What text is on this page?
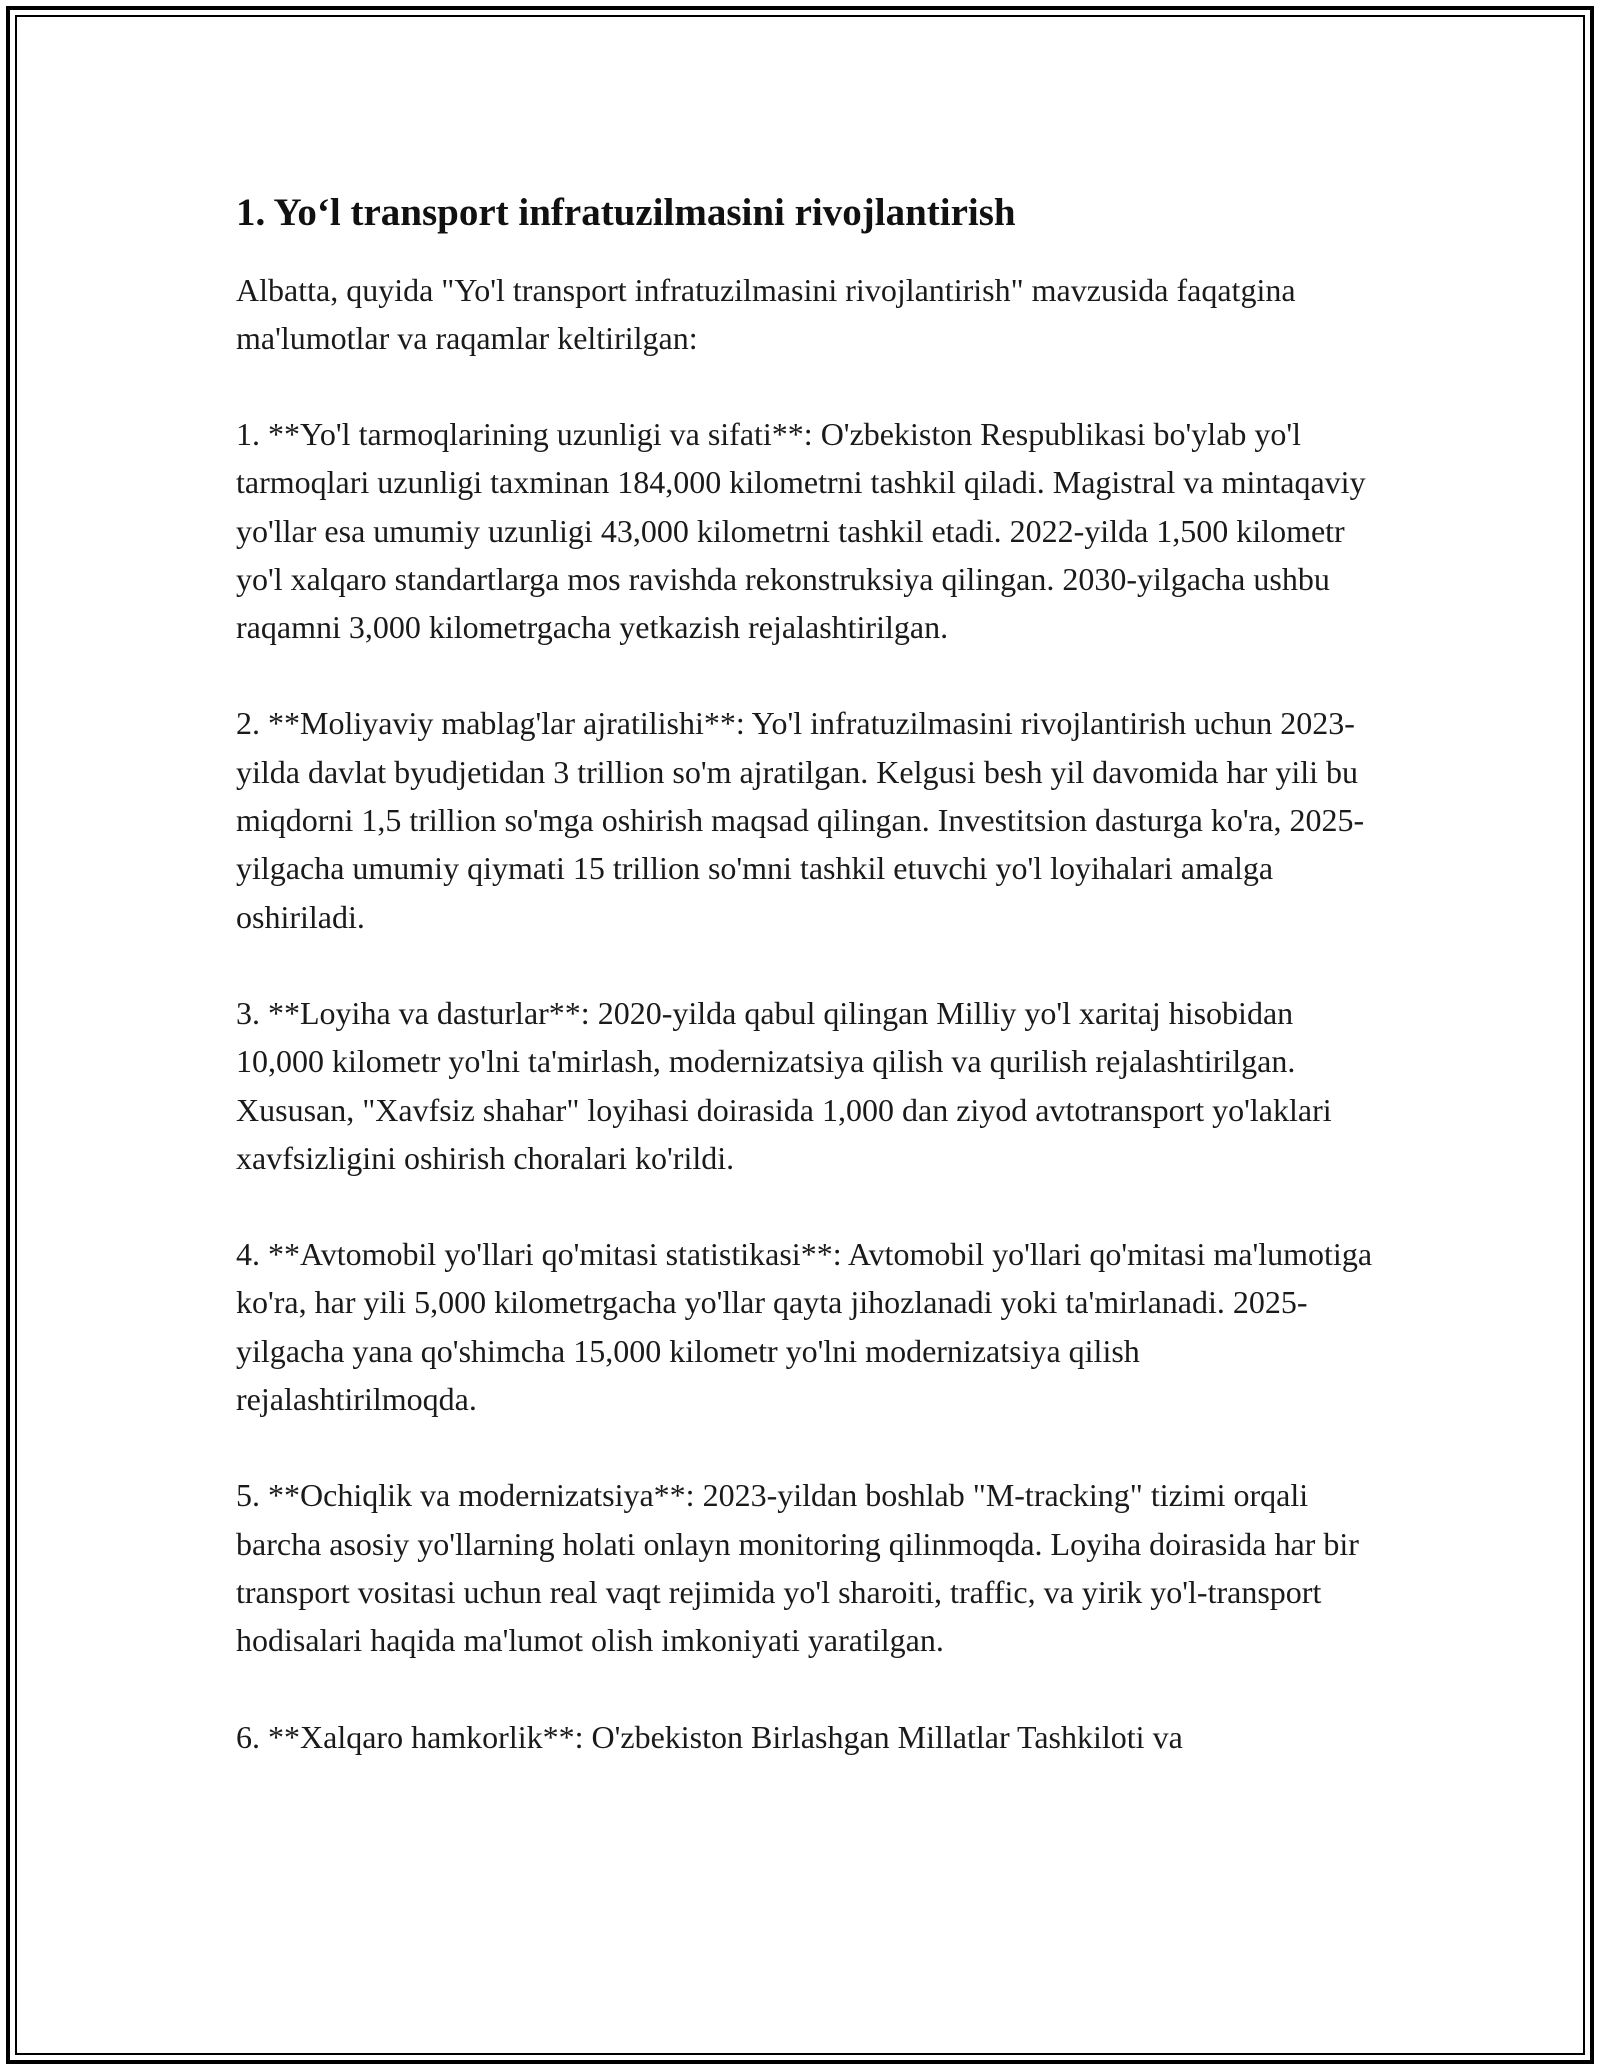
1. Yo‘l transport infratuzilmasini rivojlantirish

Albatta, quyida "Yo'l transport infratuzilmasini rivojlantirish" mavzusida faqatgina ma'lumotlar va raqamlar keltirilgan:

1. **Yo'l tarmoqlarining uzunligi va sifati**: O'zbekiston Respublikasi bo'ylab yo'l tarmoqlari uzunligi taxminan 184,000 kilometrni tashkil qiladi. Magistral va mintaqaviy yo'llar esa umumiy uzunligi 43,000 kilometrni tashkil etadi. 2022-yilda 1,500 kilometr yo'l xalqaro standartlarga mos ravishda rekonstruksiya qilingan. 2030-yilgacha ushbu raqamni 3,000 kilometrgacha yetkazish rejalashtirilgan.

2. **Moliyaviy mablag'lar ajratilishi**: Yo'l infratuzilmasini rivojlantirish uchun 2023-yilda davlat byudjetidan 3 trillion so'm ajratilgan. Kelgusi besh yil davomida har yili bu miqdorni 1,5 trillion so'mga oshirish maqsad qilingan. Investitsion dasturga ko'ra, 2025-yilgacha umumiy qiymati 15 trillion so'mni tashkil etuvchi yo'l loyihalari amalga oshiriladi.

3. **Loyiha va dasturlar**: 2020-yilda qabul qilingan Milliy yo'l xaritaj hisobidan 10,000 kilometr yo'lni ta'mirlash, modernizatsiya qilish va qurilish rejalashtirilgan. Xususan, "Xavfsiz shahar" loyihasi doirasida 1,000 dan ziyod avtotransport yo'laklari xavfsizligini oshirish choralari ko'rildi.

4. **Avtomobil yo'llari qo'mitasi statistikasi**: Avtomobil yo'llari qo'mitasi ma'lumotiga ko'ra, har yili 5,000 kilometrgacha yo'llar qayta jihozlanadi yoki ta'mirlanadi. 2025-yilgacha yana qo'shimcha 15,000 kilometr yo'lni modernizatsiya qilish rejalashtirilmoqda.

5. **Ochiqlik va modernizatsiya**: 2023-yildan boshlab "M-tracking" tizimi orqali barcha asosiy yo'llarning holati onlayn monitoring qilinmoqda. Loyiha doirasida har bir transport vositasi uchun real vaqt rejimida yo'l sharoiti, traffic, va yirik yo'l-transport hodisalari haqida ma'lumot olish imkoniyati yaratilgan.

6. **Xalqaro hamkorlik**: O'zbekiston Birlashgan Millatlar Tashkiloti va
